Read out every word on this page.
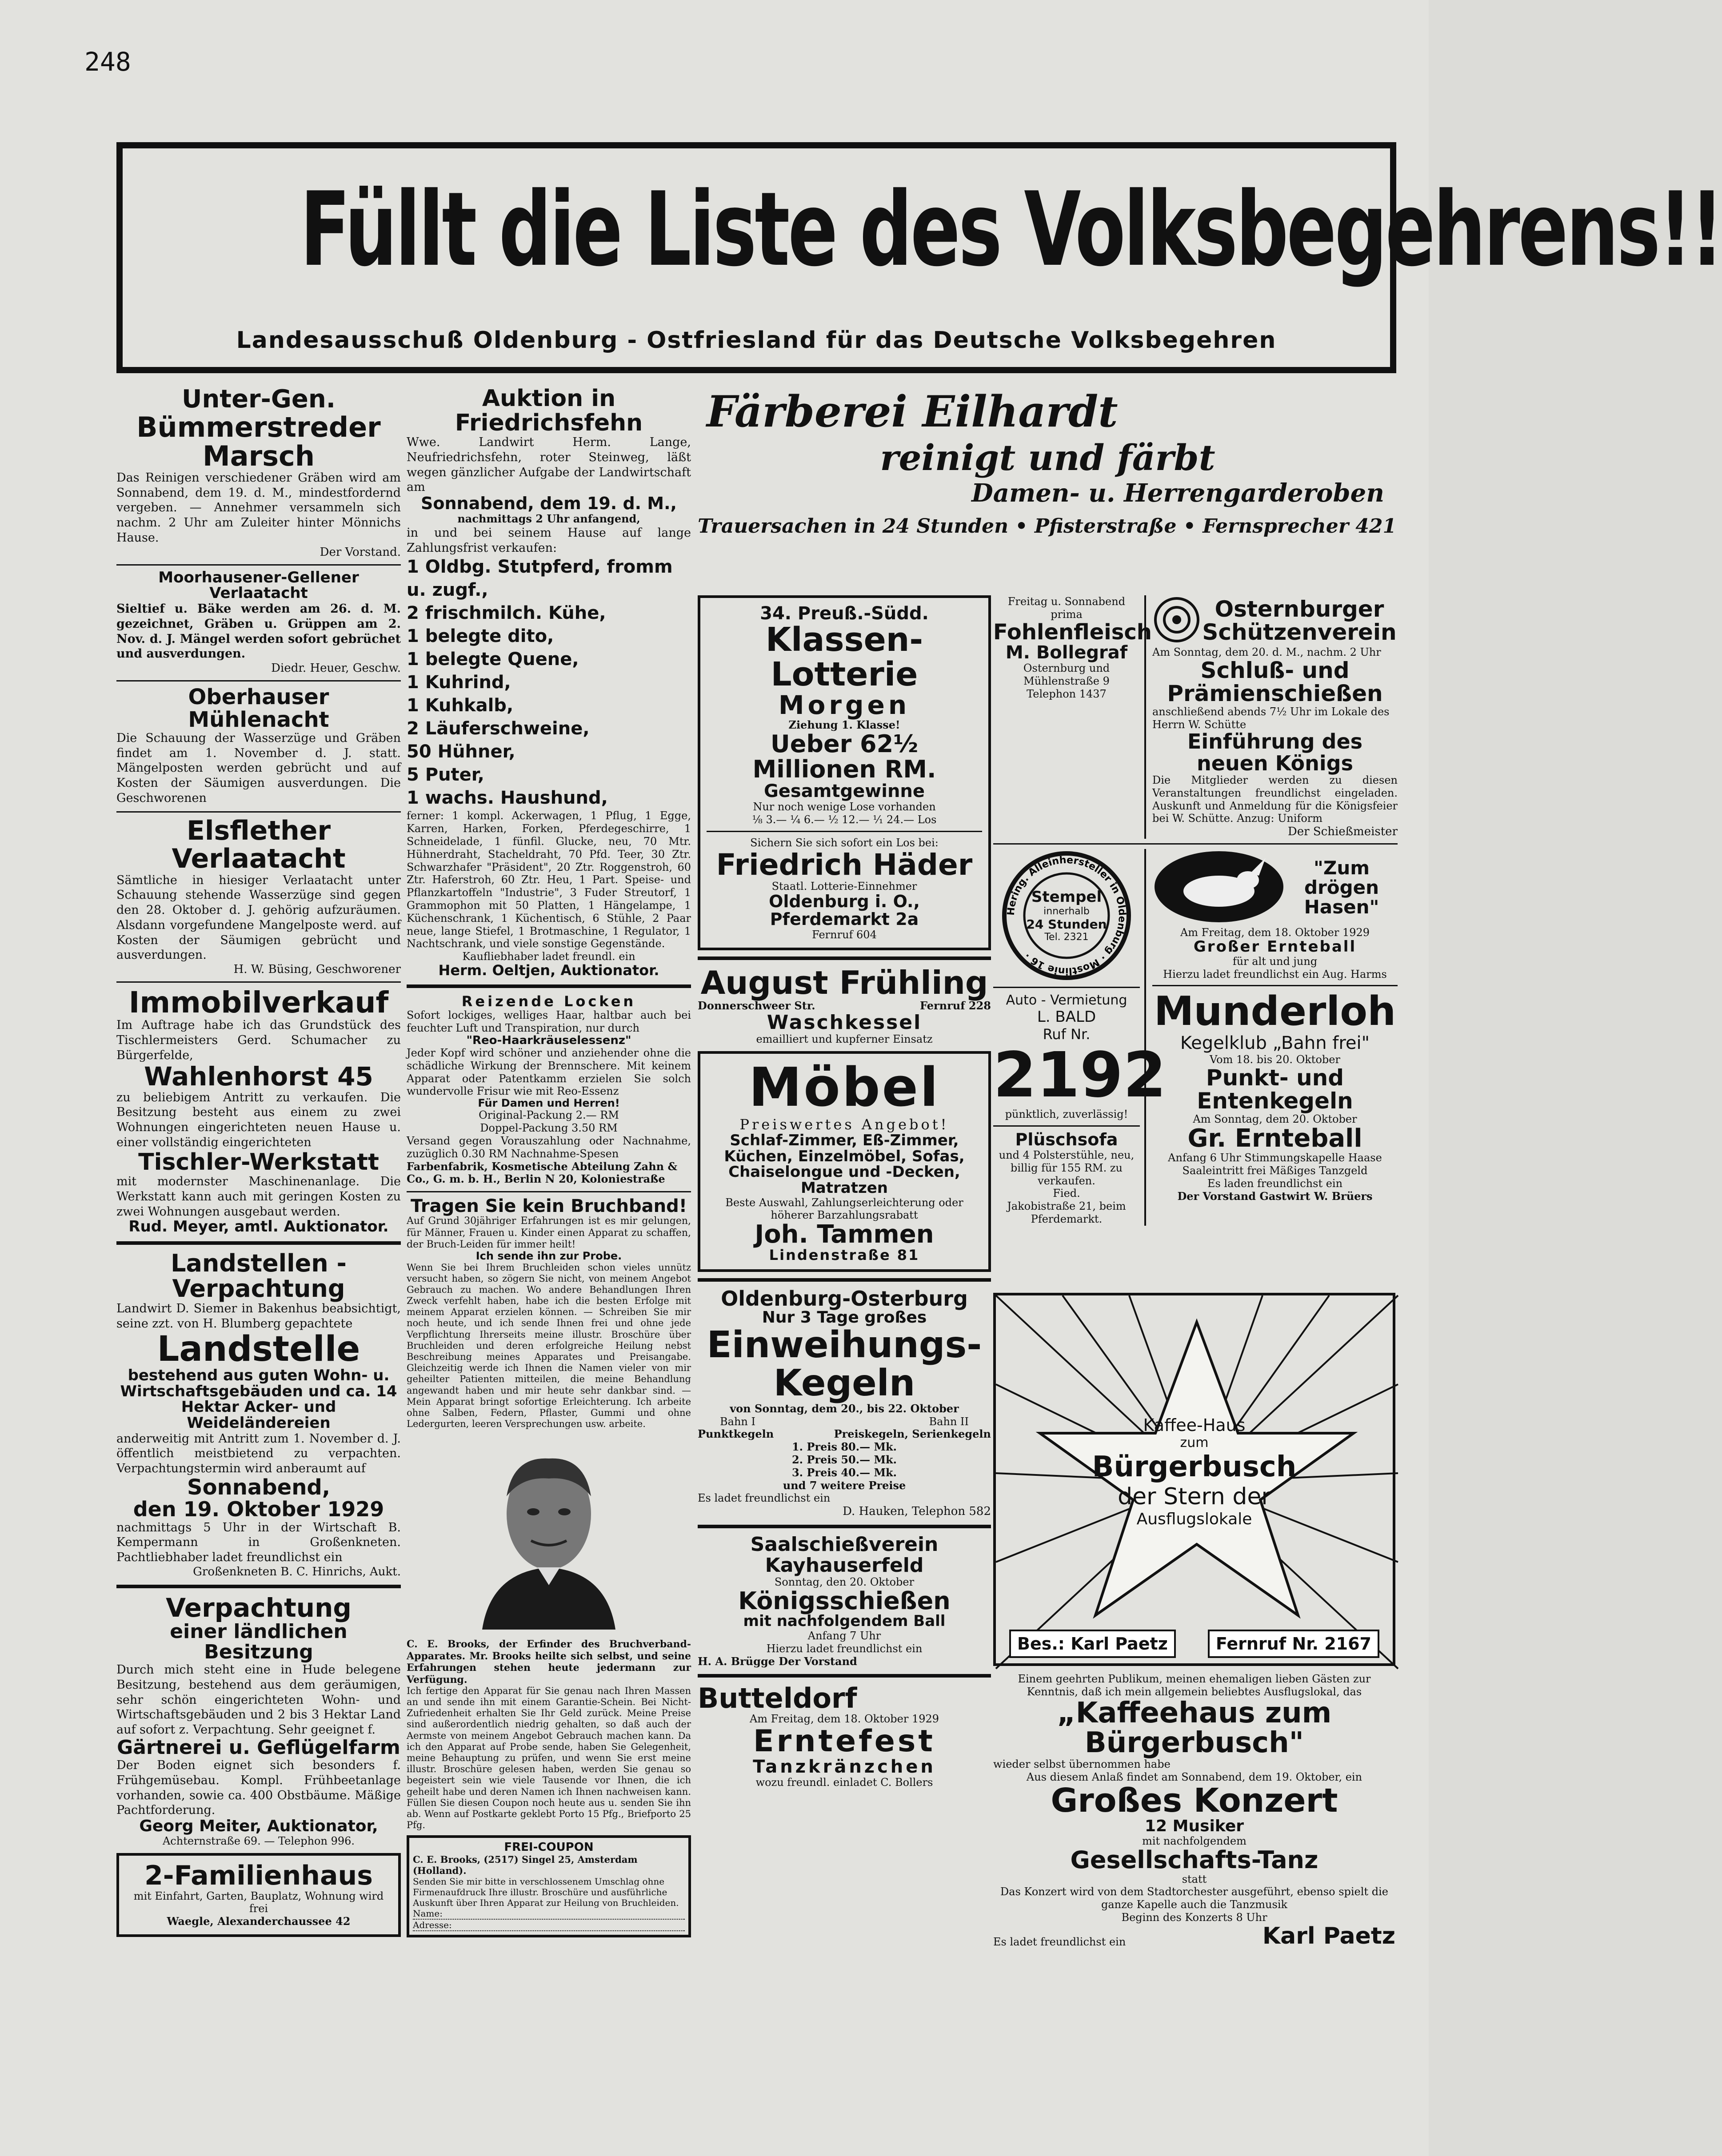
248
Füllt die Liste des Volksbegehrens!!
Landesausschuß Oldenburg - Ostfriesland für das Deutsche Volksbegehren
Unter-Gen.
Bümmerstreder Marsch
Das Reinigen verschiedener Gräben wird am Sonnabend, dem 19. d. M., mindestfordernd vergeben. — Annehmer versammeln sich nachm. 2 Uhr am Zuleiter hinter Mönnichs Hause.
Der Vorstand.
Moorhausener-Gellener Verlaatacht
Sieltief u. Bäke werden am 26. d. M. gezeichnet, Gräben u. Grüppen am 2. Nov. d. J. Mängel werden sofort gebrüchet und ausverdungen.
Diedr. Heuer, Geschw.
Oberhauser Mühlenacht
Die Schauung der Wasserzüge und Gräben findet am 1. November d. J. statt. Mängelposten werden gebrücht und auf Kosten der Säumigen ausverdungen. Die Geschworenen
Elsflether Verlaatacht
Sämtliche in hiesiger Verlaatacht unter Schauung stehende Wasserzüge sind gegen den 28. Oktober d. J. gehörig aufzuräumen. Alsdann vorgefundene Mangelposte werd. auf Kosten der Säumigen gebrücht und ausverdungen.
H. W. Büsing, Geschworener
Immobilverkauf
Im Auftrage habe ich das Grundstück des Tischlermeisters Gerd. Schumacher zu Bürgerfelde,
Wahlenhorst 45
zu beliebigem Antritt zu verkaufen. Die Besitzung besteht aus einem zu zwei Wohnungen eingerichteten neuen Hause u. einer vollständig eingerichteten
Tischler-Werkstatt
mit modernster Maschinenanlage. Die Werkstatt kann auch mit geringen Kosten zu zwei Wohnungen ausgebaut werden.
Rud. Meyer, amtl. Auktionator.
Landstellen - Verpachtung
Landwirt D. Siemer in Bakenhus beabsichtigt, seine zzt. von H. Blumberg gepachtete
Landstelle
bestehend aus guten Wohn- u. Wirtschaftsgebäuden und ca. 14 Hektar Acker- und Weideländereien
anderweitig mit Antritt zum 1. November d. J. öffentlich meistbietend zu verpachten. Verpachtungstermin wird anberaumt auf
Sonnabend,
den 19. Oktober 1929
nachmittags 5 Uhr in der Wirtschaft B. Kempermann in Großenkneten. Pachtliebhaber ladet freundlichst ein
Großenkneten B. C. Hinrichs, Aukt.
Verpachtung
einer ländlichen Besitzung
Durch mich steht eine in Hude belegene Besitzung, bestehend aus dem geräumigen, sehr schön eingerichteten Wohn- und Wirtschaftsgebäuden und 2 bis 3 Hektar Land auf sofort z. Verpachtung. Sehr geeignet f.
Gärtnerei u. Geflügelfarm
Der Boden eignet sich besonders f. Frühgemüsebau. Kompl. Frühbeetanlage vorhanden, sowie ca. 400 Obstbäume. Mäßige Pachtforderung.
Georg Meiter, Auktionator,
Achternstraße 69. — Telephon 996.
2-Familienhaus
mit Einfahrt, Garten, Bauplatz, Wohnung wird frei
Waegle, Alexanderchaussee 42
Auktion in Friedrichsfehn
Wwe. Landwirt Herm. Lange, Neufriedrichsfehn, roter Steinweg, läßt wegen gänzlicher Aufgabe der Landwirtschaft am
Sonnabend, dem 19. d. M.,
nachmittags 2 Uhr anfangend,
in und bei seinem Hause auf lange Zahlungsfrist verkaufen:
1 Oldbg. Stutpferd, fromm u. zugf.,
2 frischmilch. Kühe,
1 belegte dito,
1 belegte Quene,
1 Kuhrind,
1 Kuhkalb,
2 Läuferschweine,
50 Hühner,
5 Puter,
1 wachs. Haushund,
ferner: 1 kompl. Ackerwagen, 1 Pflug, 1 Egge, Karren, Harken, Forken, Pferdegeschirre, 1 Schneidelade, 1 fünfil. Glucke, neu, 70 Mtr. Hühnerdraht, Stacheldraht, 70 Pfd. Teer, 30 Ztr. Schwarzhafer "Präsident", 20 Ztr. Roggenstroh, 60 Ztr. Haferstroh, 60 Ztr. Heu, 1 Part. Speise- und Pflanzkartoffeln "Industrie", 3 Fuder Streutorf, 1 Grammophon mit 50 Platten, 1 Hängelampe, 1 Küchenschrank, 1 Küchentisch, 6 Stühle, 2 Paar neue, lange Stiefel, 1 Brotmaschine, 1 Regulator, 1 Nachtschrank, und viele sonstige Gegenstände.
Kaufliebhaber ladet freundl. ein
Herm. Oeltjen, Auktionator.
Reizende Locken
Sofort lockiges, welliges Haar, haltbar auch bei feuchter Luft und Transpiration, nur durch
"Reo-Haarkräuselessenz"
Jeder Kopf wird schöner und anziehender ohne die schädliche Wirkung der Brennschere. Mit keinem Apparat oder Patentkamm erzielen Sie solch wundervolle Frisur wie mit Reo-Essenz
Für Damen und Herren!
Original-Packung 2.— RM
Doppel-Packung 3.50 RM
Versand gegen Vorauszahlung oder Nachnahme, zuzüglich 0.30 RM Nachnahme-Spesen
Farbenfabrik, Kosmetische Abteilung Zahn & Co., G. m. b. H., Berlin N 20, Koloniestraße
Tragen Sie kein Bruchband!
Auf Grund 30jähriger Erfahrungen ist es mir gelungen, für Männer, Frauen u. Kinder einen Apparat zu schaffen, der Bruch-Leiden für immer heilt!
Ich sende ihn zur Probe.
Wenn Sie bei Ihrem Bruchleiden schon vieles unnütz versucht haben, so zögern Sie nicht, von meinem Angebot Gebrauch zu machen. Wo andere Behandlungen Ihren Zweck verfehlt haben, habe ich die besten Erfolge mit meinem Apparat erzielen können. — Schreiben Sie mir noch heute, und ich sende Ihnen frei und ohne jede Verpflichtung Ihrerseits meine illustr. Broschüre über Bruchleiden und deren erfolgreiche Heilung nebst Beschreibung meines Apparates und Preisangabe. Gleichzeitig werde ich Ihnen die Namen vieler von mir geheilter Patienten mitteilen, die meine Behandlung angewandt haben und mir heute sehr dankbar sind. — Mein Apparat bringt sofortige Erleichterung. Ich arbeite ohne Salben, Federn, Pflaster, Gummi und ohne Ledergurten, leeren Versprechungen usw. arbeite.
C. E. Brooks, der Erfinder des Bruchverband-Apparates. Mr. Brooks heilte sich selbst, und seine Erfahrungen stehen heute jedermann zur Verfügung.
Ich fertige den Apparat für Sie genau nach Ihren Massen an und sende ihn mit einem Garantie-Schein. Bei Nicht-Zufriedenheit erhalten Sie Ihr Geld zurück. Meine Preise sind außerordentlich niedrig gehalten, so daß auch der Aermste von meinem Angebot Gebrauch machen kann. Da ich den Apparat auf Probe sende, haben Sie Gelegenheit, meine Behauptung zu prüfen, und wenn Sie erst meine illustr. Broschüre gelesen haben, werden Sie genau so begeistert sein wie viele Tausende vor Ihnen, die ich geheilt habe und deren Namen ich Ihnen nachweisen kann. Füllen Sie diesen Coupon noch heute aus u. senden Sie ihn ab. Wenn auf Postkarte geklebt Porto 15 Pfg., Briefporto 25 Pfg.
FREI-COUPON
C. E. Brooks, (2517) Singel 25, Amsterdam (Holland).
Senden Sie mir bitte in verschlossenem Umschlag ohne Firmenaufdruck Ihre illustr. Broschüre und ausführliche Auskunft über Ihren Apparat zur Heilung von Bruchleiden.
Name:
Adresse:
Färberei Eilhardt
reinigt und färbt
Damen- u. Herrengarderoben
Trauersachen in 24 Stunden • Pfisterstraße • Fernsprecher 421
34. Preuß.-Südd.
Klassen-Lotterie
Morgen
Ziehung 1. Klasse!
Ueber 62½ Millionen RM.
Gesamtgewinne
Nur noch wenige Lose vorhanden
⅛ 3.— ¼ 6.— ½ 12.— ⅟₁ 24.— Los
Sichern Sie sich sofort ein Los bei:
Friedrich Häder
Staatl. Lotterie-Einnehmer
Oldenburg i. O., Pferdemarkt 2a
Fernruf 604
August Frühling
Donnerschweer Str.	Fernruf 228
Waschkessel
emailliert und kupferner Einsatz
Möbel
Preiswertes Angebot!
Schlaf-Zimmer, Eß-Zimmer, Küchen, Einzelmöbel, Sofas, Chaiselongue und -Decken, Matratzen
Beste Auswahl, Zahlungserleichterung oder höherer Barzahlungsrabatt
Joh. Tammen
Lindenstraße 81
Oldenburg-Osterburg
Nur 3 Tage großes
Einweihungs-Kegeln
von Sonntag, dem 20., bis 22. Oktober
Bahn I	Bahn II
Punktkegeln	Preiskegeln, Serienkegeln
1. Preis 80.— Mk.
2. Preis 50.— Mk.
3. Preis 40.— Mk.
und 7 weitere Preise
Es ladet freundlichst ein
D. Hauken, Telephon 582
Saalschießverein Kayhauserfeld
Sonntag, den 20. Oktober
Königsschießen
mit nachfolgendem Ball
Anfang 7 Uhr
Hierzu ladet freundlichst ein
H. A. Brügge Der Vorstand
Butteldorf
Am Freitag, dem 18. Oktober 1929
Erntefest
Tanzkränzchen
wozu freundl. einladet C. Bollers
Freitag u. Sonnabend prima
Fohlenfleisch
M. Bollegraf
Osternburg und Mühlenstraße 9
Telephon 1437
Osternburger Schützenverein
Am Sonntag, dem 20. d. M., nachm. 2 Uhr
Schluß- und Prämienschießen
anschließend abends 7½ Uhr im Lokale des Herrn W. Schütte
Einführung des neuen Königs
Die Mitglieder werden zu diesen Veranstaltungen freundlichst eingeladen. Auskunft und Anmeldung für die Königsfeier bei W. Schütte. Anzug: Uniform
Der Schießmeister
Hering. Alleinhersteller in Oldenburg · Mostlinie 16 ·
Stempel
innerhalb
24 Stunden
Tel. 2321
Auto - Vermietung
L. BALD
Ruf Nr.
2192
pünktlich, zuverlässig!
Plüschsofa
und 4 Polsterstühle, neu, billig für 155 RM. zu verkaufen.
Fied.
Jakobistraße 21, beim Pferdemarkt.
"Zum drögen Hasen"
Am Freitag, dem 18. Oktober 1929
Großer Ernteball
für alt und jung
Hierzu ladet freundlichst ein Aug. Harms
Munderloh
Kegelklub „Bahn frei"
Vom 18. bis 20. Oktober
Punkt- und Entenkegeln
Am Sonntag, dem 20. Oktober
Gr. Ernteball
Anfang 6 Uhr Stimmungskapelle Haase
Saaleintritt frei Mäßiges Tanzgeld
Es laden freundlichst ein
Der Vorstand Gastwirt W. Brüers
Kaffee-Haus
zum
Bürgerbusch
der Stern der
Ausflugslokale
Bes.: Karl Paetz	Fernruf Nr. 2167
Einem geehrten Publikum, meinen ehemaligen lieben Gästen zur Kenntnis, daß ich mein allgemein beliebtes Ausflugslokal, das
„Kaffeehaus zum Bürgerbusch"
wieder selbst übernommen habe
Aus diesem Anlaß findet am Sonnabend, dem 19. Oktober, ein
Großes Konzert
12 Musiker
mit nachfolgendem
Gesellschafts-Tanz
statt
Das Konzert wird von dem Stadtorchester ausgeführt, ebenso spielt die ganze Kapelle auch die Tanzmusik
Beginn des Konzerts 8 Uhr
Es ladet freundlichst ein	Karl Paetz
